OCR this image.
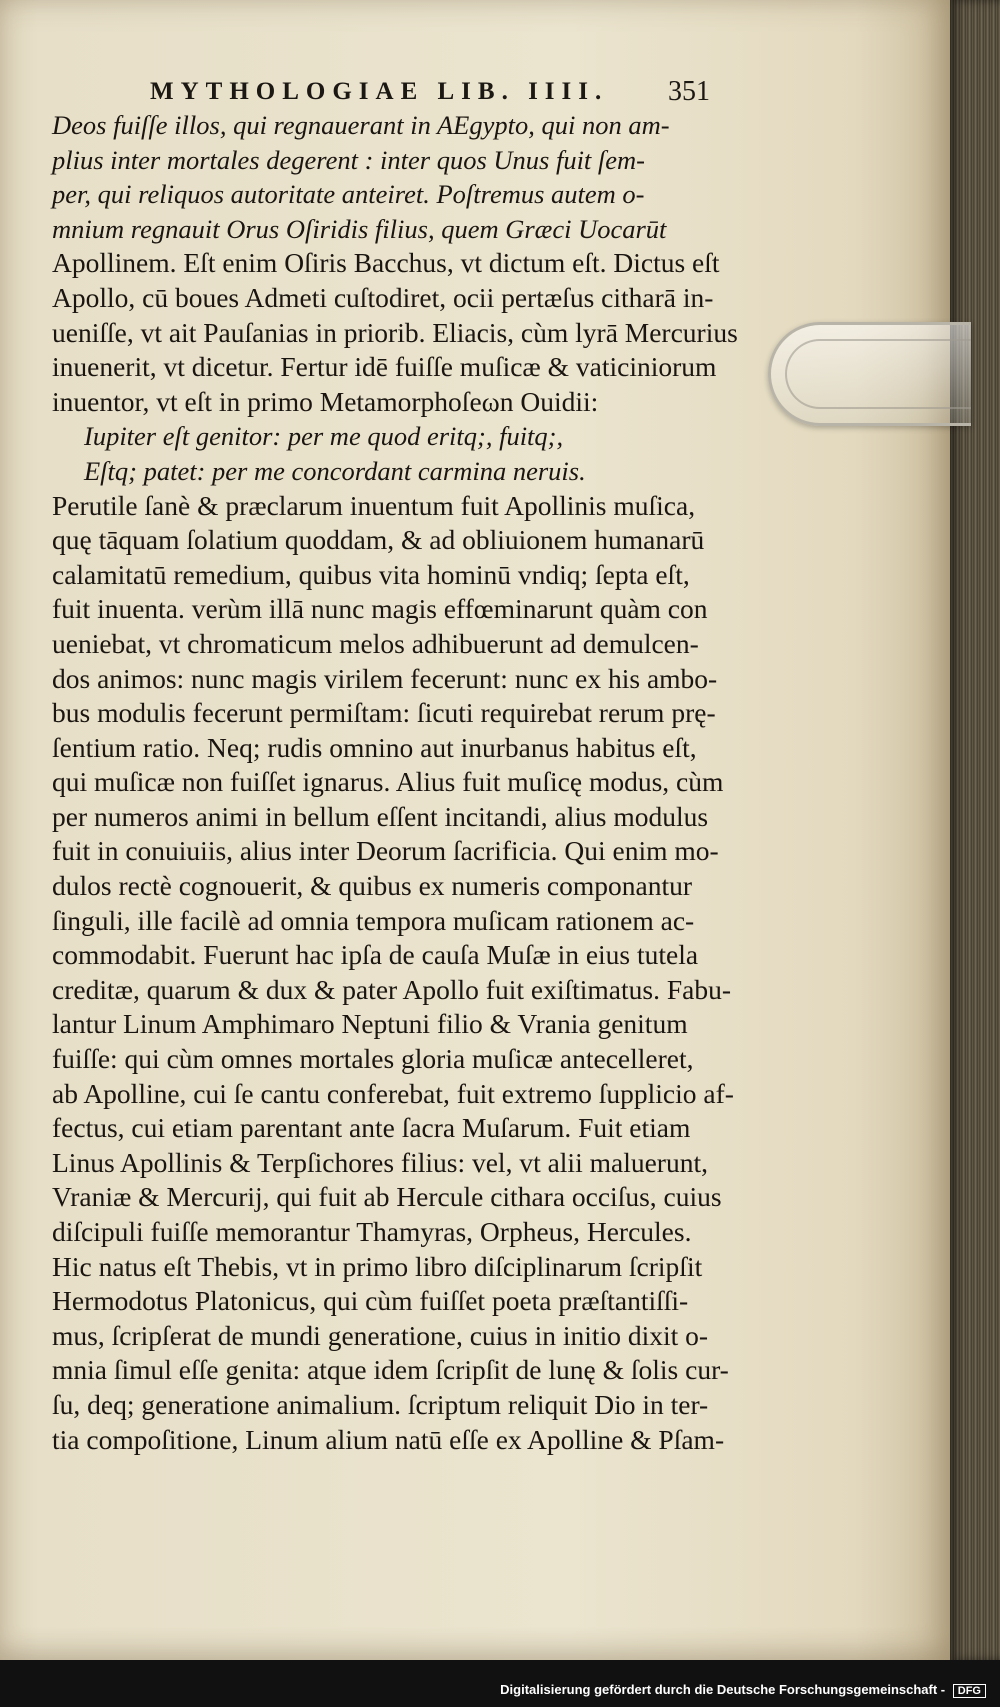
MYTHOLOGIAE LIB. IIII.	351
Deos fuiſſe illos, qui regnauerant in AEgypto, qui non am-
plius inter mortales degerent : inter quos Unus fuit ſem-
per, qui reliquos autoritate anteiret. Poſtremus autem o-
mnium regnauit Orus Oſiridis filius, quem Græci Uocarūt
Apollinem. Eſt enim Oſiris Bacchus, vt dictum eſt. Dictus eſt
Apollo, cū boues Admeti cuſtodiret, ocii pertæſus citharā in-
ueniſſe, vt ait Pauſanias in priorib. Eliacis, cùm lyrā Mercurius
inuenerit, vt dicetur. Fertur idē fuiſſe muſicæ & vaticiniorum
inuentor, vt eſt in primo Metamorphoſeωn Ouidii:
Iupiter eſt genitor: per me quod eritq;, fuitq;,
Eſtq; patet: per me concordant carmina neruis.
Perutile ſanè & præclarum inuentum fuit Apollinis muſica,
quę tāquam ſolatium quoddam, & ad obliuionem humanarū
calamitatū remedium, quibus vita hominū vndiq; ſepta eſt,
fuit inuenta. verùm illā nunc magis effœminarunt quàm con
ueniebat, vt chromaticum melos adhibuerunt ad demulcen-
dos animos: nunc magis virilem fecerunt: nunc ex his ambo-
bus modulis fecerunt permiſtam: ſicuti requirebat rerum prę-
ſentium ratio. Neq; rudis omnino aut inurbanus habitus eſt,
qui muſicæ non fuiſſet ignarus. Alius fuit muſicę modus, cùm
per numeros animi in bellum eſſent incitandi, alius modulus
fuit in conuiuiis, alius inter Deorum ſacrificia. Qui enim mo-
dulos rectè cognouerit, & quibus ex numeris componantur
ſinguli, ille facilè ad omnia tempora muſicam rationem ac-
commodabit. Fuerunt hac ipſa de cauſa Muſæ in eius tutela
creditæ, quarum & dux & pater Apollo fuit exiſtimatus. Fabu-
lantur Linum Amphimaro Neptuni filio & Vrania genitum
fuiſſe: qui cùm omnes mortales gloria muſicæ antecelleret,
ab Apolline, cui ſe cantu conferebat, fuit extremo ſupplicio af-
fectus, cui etiam parentant ante ſacra Muſarum. Fuit etiam
Linus Apollinis & Terpſichores filius: vel, vt alii maluerunt,
Vraniæ & Mercurij, qui fuit ab Hercule cithara occiſus, cuius
diſcipuli fuiſſe memorantur Thamyras, Orpheus, Hercules.
Hic natus eſt Thebis, vt in primo libro diſciplinarum ſcripſit
Hermodotus Platonicus, qui cùm fuiſſet poeta præſtantiſſi-
mus, ſcripſerat de mundi generatione, cuius in initio dixit o-
mnia ſimul eſſe genita: atque idem ſcripſit de lunę & ſolis cur-
ſu, deq; generatione animalium. ſcriptum reliquit Dio in ter-
tia compoſitione, Linum alium natū eſſe ex Apolline & Pſam-
Digitalisierung gefördert durch die Deutsche Forschungsgemeinschaft - DFG
